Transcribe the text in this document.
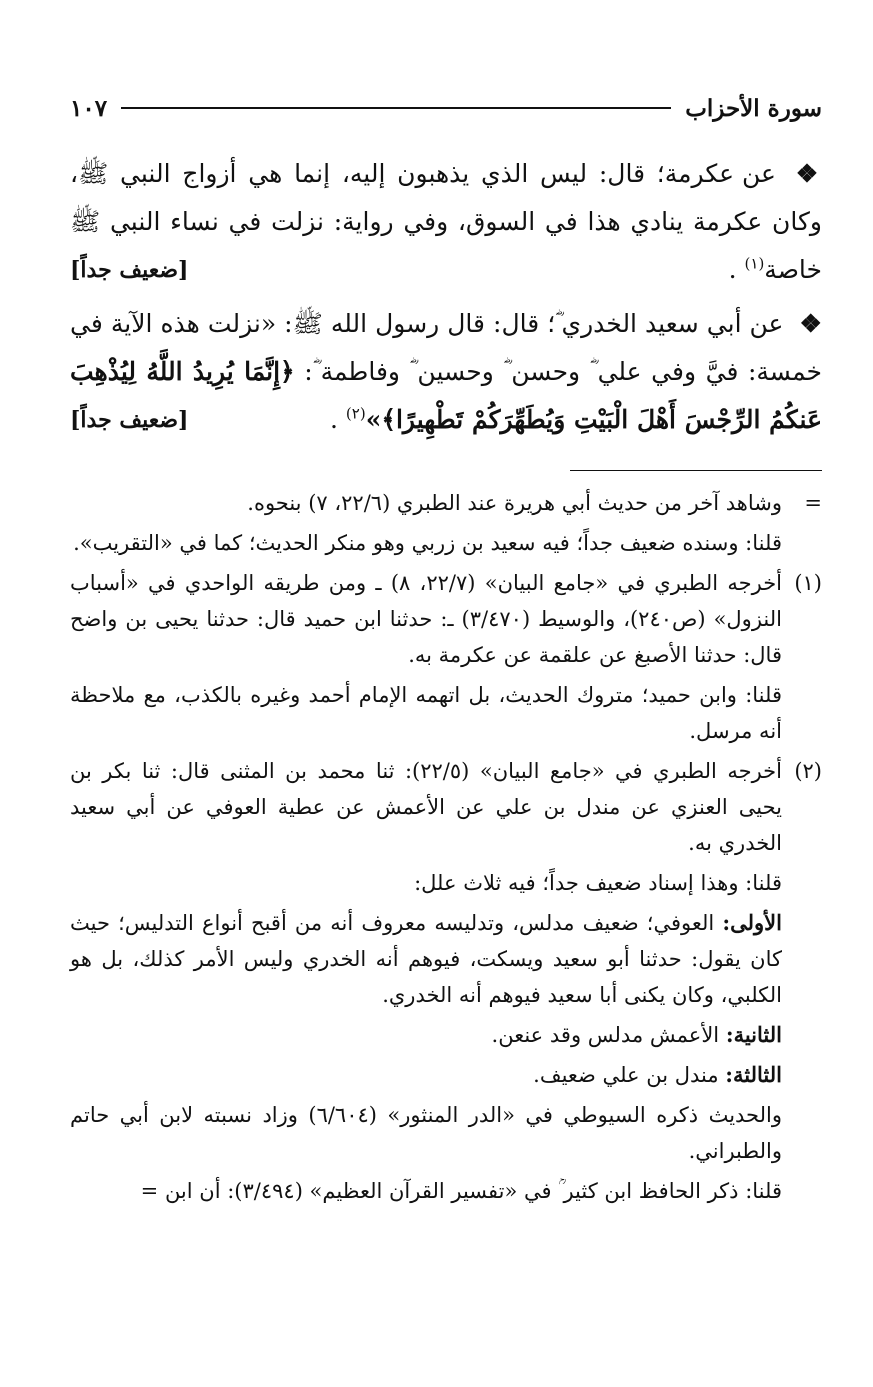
سورة الأحزاب
١٠٧

❖ عن عكرمة؛ قال: ليس الذي يذهبون إليه، إنما هي أزواج النبي ﷺ، وكان عكرمة ينادي هذا في السوق، وفي رواية: نزلت في نساء النبي ﷺ خاصة$^{(١)}$ .
[ضعيف جداً]

❖ عن أبي سعيد الخدري ؓ؛ قال: قال رسول الله ﷺ: «نزلت هذه الآية في خمسة: فيَّ وفي علي ؓ وحسن ؓ وحسين ؓ وفاطمة ؓ: ﴿إِنَّمَا يُرِيدُ اللَّهُ لِيُذْهِبَ عَنكُمُ الرِّجْسَ أَهْلَ الْبَيْتِ وَيُطَهِّرَكُمْ تَطْهِيرًا﴾»$^{(٢)}$ .
[ضعيف جداً]

=

وشاهد آخر من حديث أبي هريرة عند الطبري (٢٢/٦، ٧) بنحوه.

قلنا: وسنده ضعيف جداً؛ فيه سعيد بن زربي وهو منكر الحديث؛ كما في «التقريب».

(١)

أخرجه الطبري في «جامع البيان» (٢٢/٧، ٨) ـ ومن طريقه الواحدي في «أسباب النزول» (ص٢٤٠)، والوسيط (٣/٤٧٠) ـ: حدثنا ابن حميد قال: حدثنا يحيى بن واضح قال: حدثنا الأصبغ عن علقمة عن عكرمة به.

قلنا: وابن حميد؛ متروك الحديث، بل اتهمه الإمام أحمد وغيره بالكذب، مع ملاحظة أنه مرسل.

(٢)

أخرجه الطبري في «جامع البيان» (٢٢/٥): ثنا محمد بن المثنى قال: ثنا بكر بن يحيى العنزي عن مندل بن علي عن الأعمش عن عطية العوفي عن أبي سعيد الخدري به.

قلنا: وهذا إسناد ضعيف جداً؛ فيه ثلاث علل:

الأولى: العوفي؛ ضعيف مدلس، وتدليسه معروف أنه من أقبح أنواع التدليس؛ حيث كان يقول: حدثنا أبو سعيد ويسكت، فيوهم أنه الخدري وليس الأمر كذلك، بل هو الكلبي، وكان يكنى أبا سعيد فيوهم أنه الخدري.

الثانية: الأعمش مدلس وقد عنعن.

الثالثة: مندل بن علي ضعيف.

والحديث ذكره السيوطي في «الدر المنثور» (٦/٦٠٤) وزاد نسبته لابن أبي حاتم والطبراني.

قلنا: ذكر الحافظ ابن كثير ؒ في «تفسير القرآن العظيم» (٣/٤٩٤): أن ابن =
